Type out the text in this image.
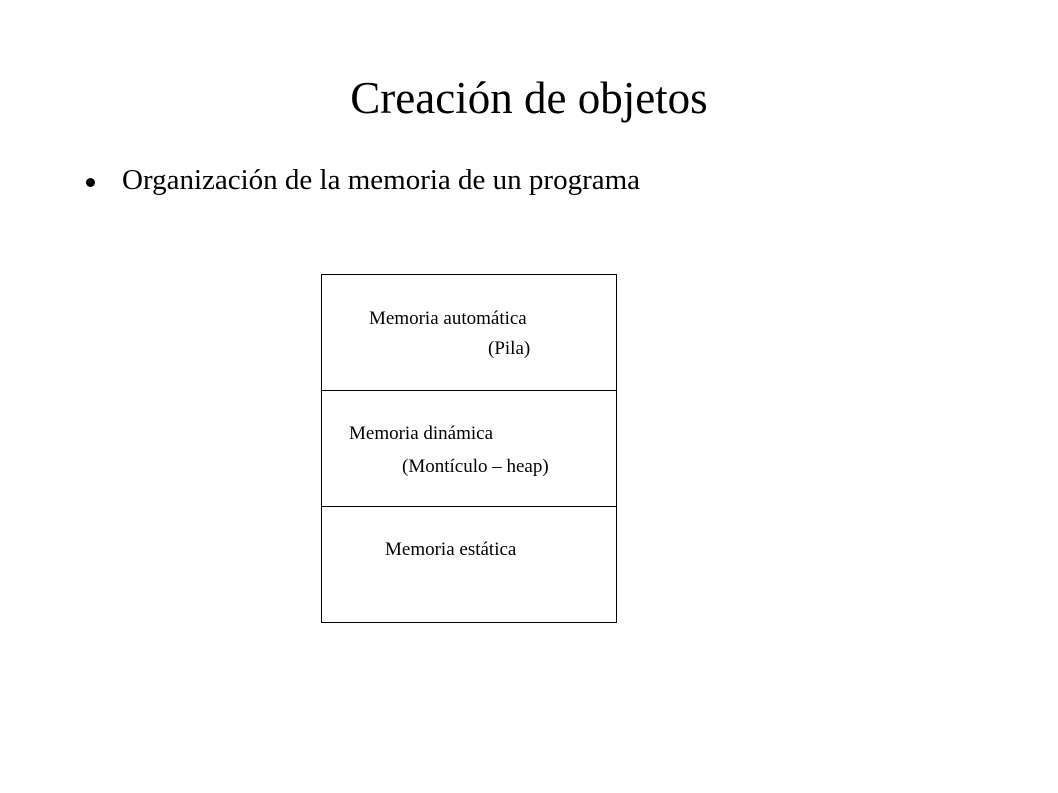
Creación de objetos
Organización de la memoria de un programa
Memoria automática
(Pila)
Memoria dinámica
(Montículo – heap)
Memoria estática
